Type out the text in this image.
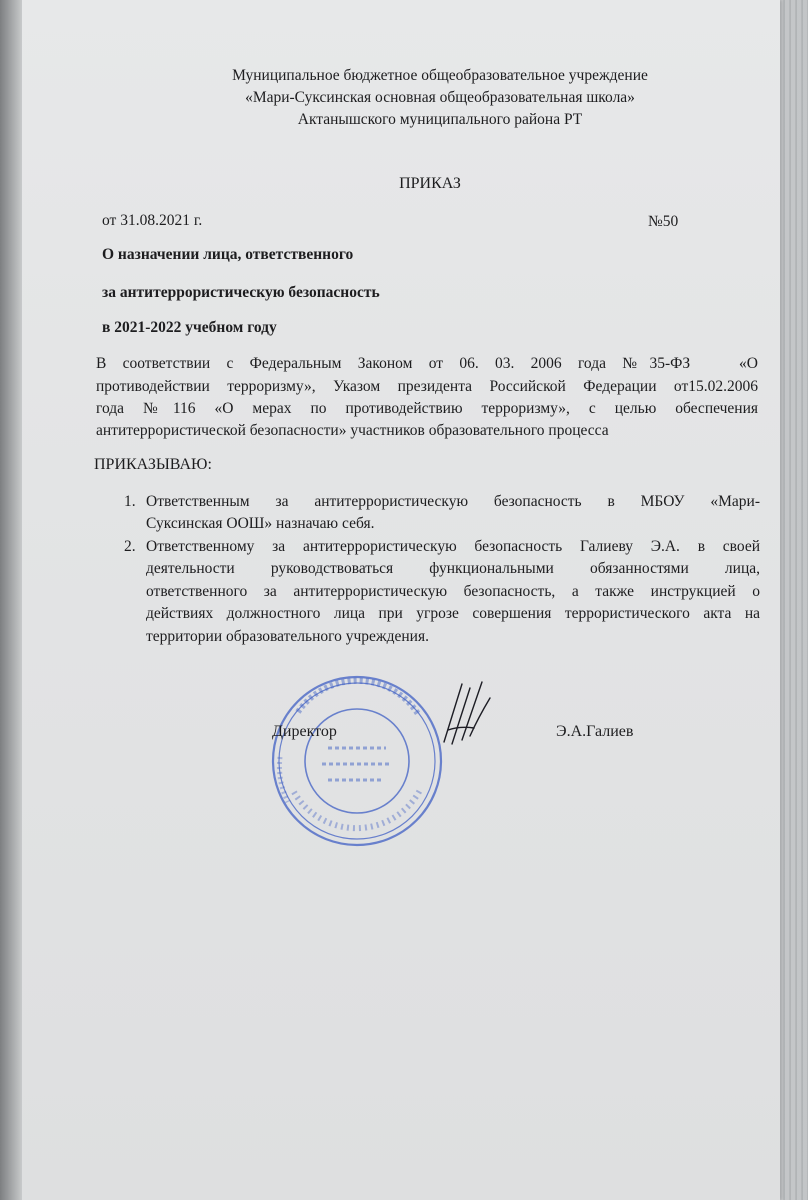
Муниципальное бюджетное общеобразовательное учреждение
«Мари-Суксинская основная общеобразовательная школа»
Актанышского муниципального района РТ
ПРИКАЗ
от 31.08.2021 г.	№50
О назначении лица, ответственного
за антитеррористическую безопасность
в 2021-2022 учебном году
В соответствии с Федеральным Законом от 06. 03. 2006 года №35-ФЗ   «О
противодействии терроризму», Указом президента Российской Федерации от15.02.2006
года №116 «О мерах по противодействию терроризму», с целью обеспечения
антитеррористической безопасности» участников образовательного процесса
ПРИКАЗЫВАЮ:
1. Ответственным за антитеррористическую безопасность в МБОУ «Мари-
Суксинская ООШ» назначаю себя.
2. Ответственному за антитеррористическую безопасность Галиеву Э.А. в своей
деятельности руководствоваться функциональными обязанностями лица,
ответственного за антитеррористическую безопасность, а также инструкцией о
действиях должностного лица при угрозе совершения террористического акта на
территории образовательного учреждения.
Директор	Э.А.Галиев
